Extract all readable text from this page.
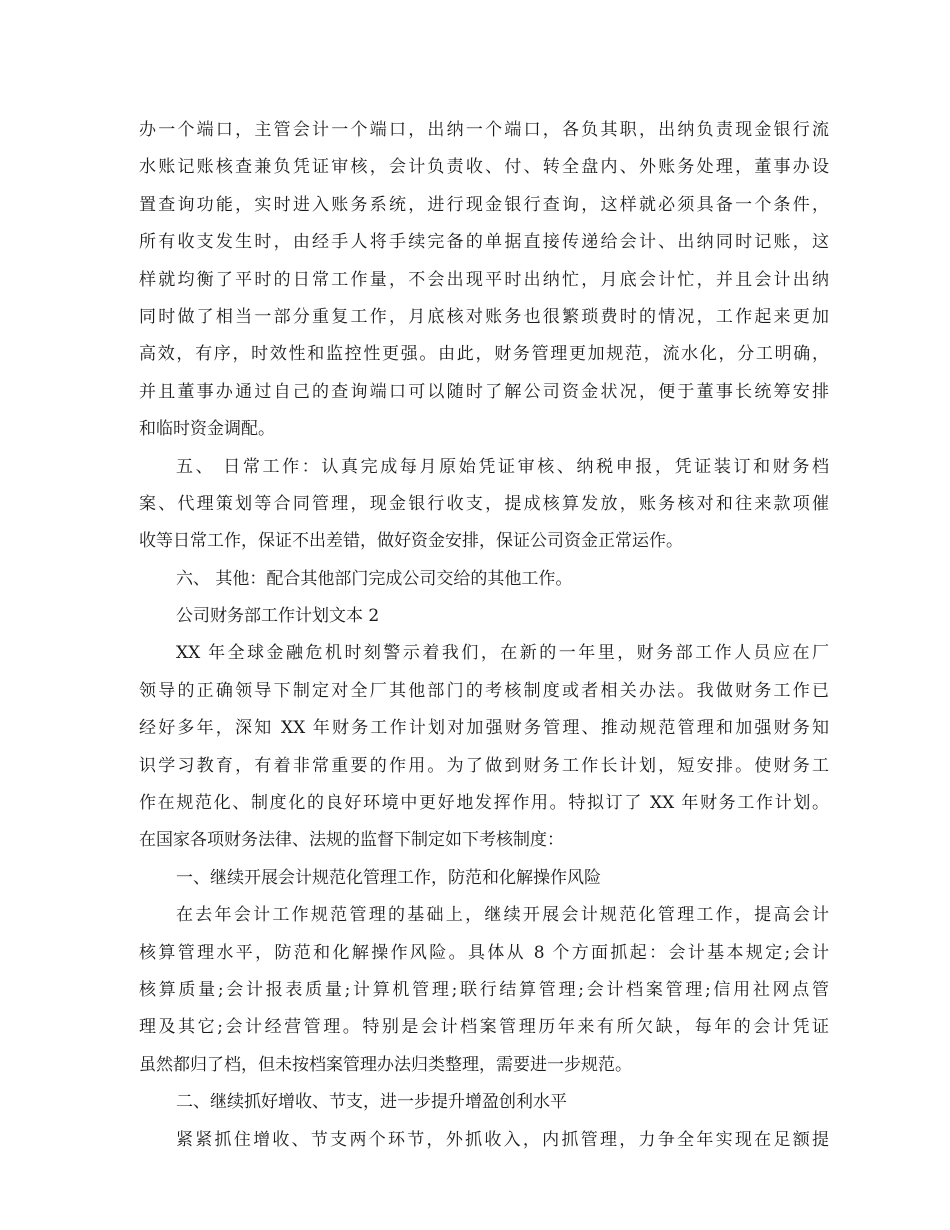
办一个端口，主管会计一个端口，出纳一个端口，各负其职，出纳负责现金银行流
水账记账核查兼负凭证审核，会计负责收、付、转全盘内、外账务处理，董事办设
置查询功能，实时进入账务系统，进行现金银行查询，这样就必须具备一个条件，
所有收支发生时，由经手人将手续完备的单据直接传递给会计、出纳同时记账，这
样就均衡了平时的日常工作量，不会出现平时出纳忙，月底会计忙，并且会计出纳
同时做了相当一部分重复工作，月底核对账务也很繁琐费时的情况，工作起来更加
高效，有序，时效性和监控性更强。由此，财务管理更加规范，流水化，分工明确，
并且董事办通过自己的查询端口可以随时了解公司资金状况，便于董事长统筹安排
和临时资金调配。
五、 日常工作：认真完成每月原始凭证审核、纳税申报，凭证装订和财务档
案、代理策划等合同管理，现金银行收支，提成核算发放，账务核对和往来款项催
收等日常工作，保证不出差错，做好资金安排，保证公司资金正常运作。
六、 其他：配合其他部门完成公司交给的其他工作。
公司财务部工作计划文本 2
XX 年全球金融危机时刻警示着我们，在新的一年里，财务部工作人员应在厂
领导的正确领导下制定对全厂其他部门的考核制度或者相关办法。我做财务工作已
经好多年，深知 XX 年财务工作计划对加强财务管理、推动规范管理和加强财务知
识学习教育，有着非常重要的作用。为了做到财务工作长计划，短安排。使财务工
作在规范化、制度化的良好环境中更好地发挥作用。特拟订了 XX 年财务工作计划。
在国家各项财务法律、法规的监督下制定如下考核制度：
一、继续开展会计规范化管理工作，防范和化解操作风险
在去年会计工作规范管理的基础上，继续开展会计规范化管理工作，提高会计
核算管理水平，防范和化解操作风险。具体从 8 个方面抓起：会计基本规定;会计
核算质量;会计报表质量;计算机管理;联行结算管理;会计档案管理;信用社网点管
理及其它;会计经营管理。特别是会计档案管理历年来有所欠缺，每年的会计凭证
虽然都归了档，但未按档案管理办法归类整理，需要进一步规范。
二、继续抓好增收、节支，进一步提升增盈创利水平
紧紧抓住增收、节支两个环节，外抓收入，内抓管理，力争全年实现在足额提
